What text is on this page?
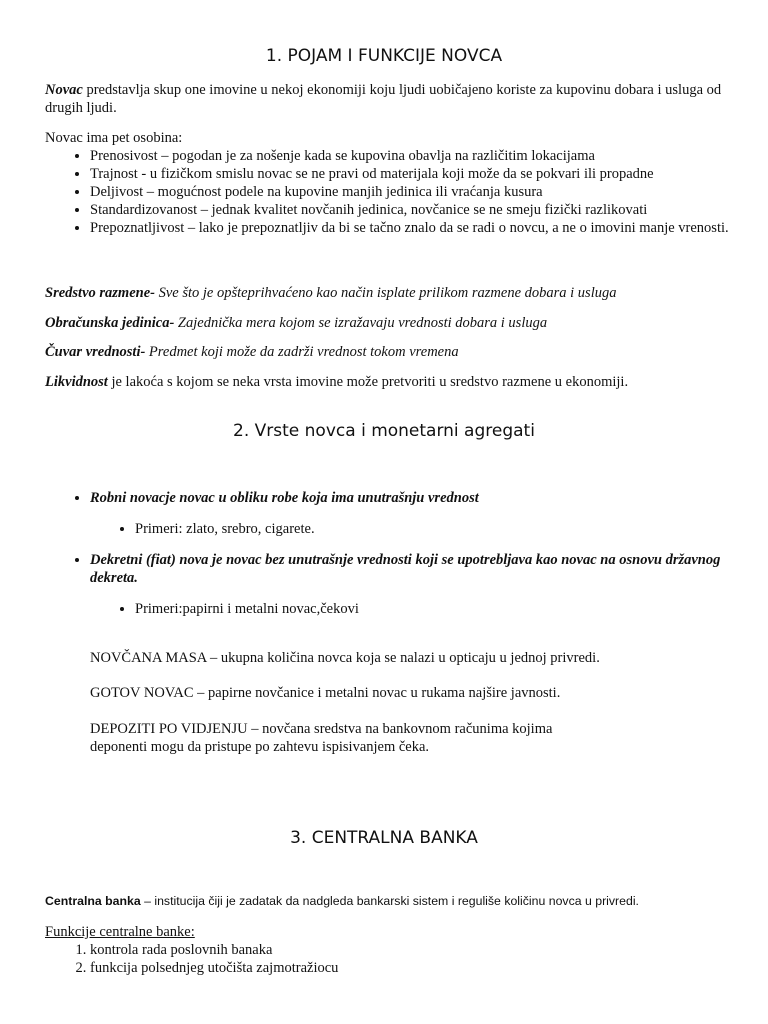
1. POJAM I FUNKCIJE NOVCA
Novac predstavlja skup one imovine u nekoj ekonomiji koju ljudi uobičajeno koriste za kupovinu dobara i usluga od drugih ljudi.
Novac ima pet osobina:
• Prenosivost – pogodan je za nošenje kada se kupovina obavlja na različitim lokacijama
• Trajnost - u fizičkom smislu novac se ne pravi od materijala koji može da se pokvari ili propadne
• Deljivost – mogućnost podele na kupovine manjih jedinica ili vraćanja kusura
• Standardizovanost – jednak kvalitet novčanih jedinica, novčanice se ne smeju fizički razlikovati
• Prepoznatljivost – lako je prepoznatljiv da bi se tačno znalo da se radi o novcu, a ne o imovini manje vrenosti.
Sredstvo razmene- Sve što je opšteprihvaćeno kao način isplate prilikom razmene dobara i usluga
Obračunska jedinica- Zajednička mera kojom se izražavaju vrednosti dobara i usluga
Čuvar vrednosti- Predmet koji može da zadrži vrednost tokom vremena
Likvidnost je lakoća s kojom se neka vrsta imovine može pretvoriti u sredstvo razmene u ekonomiji.
2. Vrste novca i monetarni agregati
• Robni novacje novac u obliku robe koja ima unutrašnju vrednost
• Primeri: zlato, srebro, cigarete.
• Dekretni (fiat) nova je novac bez unutrašnje vrednosti koji se upotrebljava kao novac na osnovu državnog dekreta.
• Primeri:papirni i metalni novac,čekovi
NOVČANA MASA – ukupna količina novca koja se nalazi u opticaju u jednoj privredi.
GOTOV NOVAC – papirne novčanice i metalni novac u rukama najšire javnosti.
DEPOZITI PO VIDJENJU – novčana sredstva na bankovnom računima kojima
deponenti mogu da pristupe po zahtevu ispisivanjem čeka.
3. CENTRALNA BANKA
Centralna banka – institucija čiji je zadatak da nadgleda bankarski sistem i reguliše količinu novca u privredi.
Funkcije centralne banke:
1. kontrola rada poslovnih banaka
2. funkcija polsednjeg utočišta zajmotražiocu
